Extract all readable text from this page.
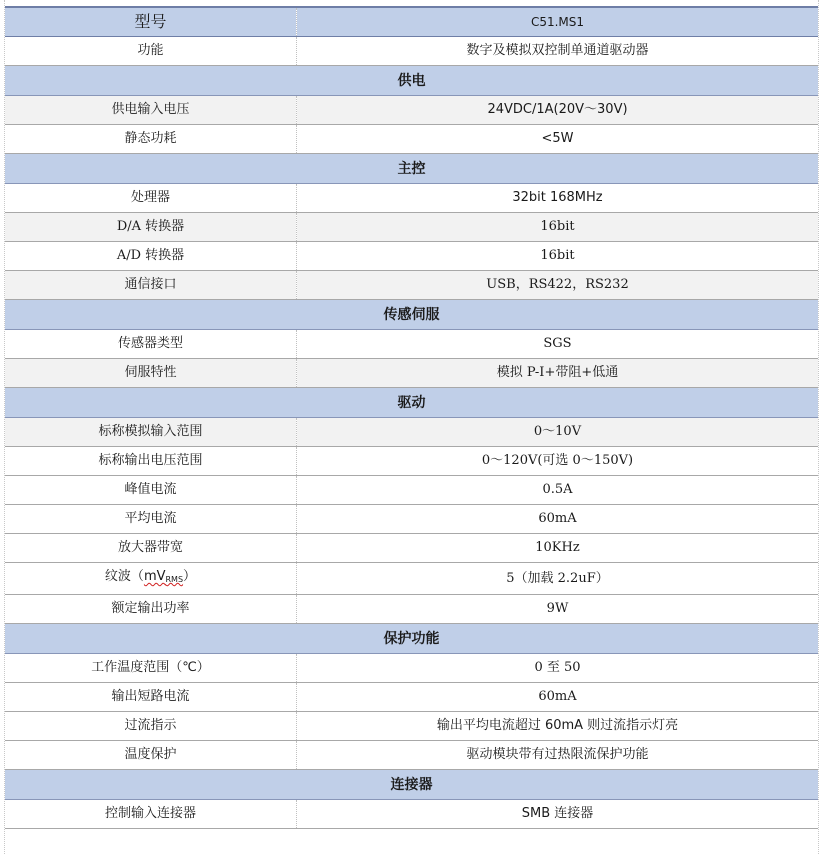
型号	C51.MS1
功能	数字及模拟双控制单通道驱动器
供电	
供电输入电压	24VDC/1A(20V～30V)
静态功耗	<5W
主控	
处理器	32bit 168MHz
D/A 转换器	16bit
A/D 转换器	16bit
通信接口	USB，RS422，RS232
传感伺服	
传感器类型	SGS
伺服特性	模拟 P-I+带阻+低通
驱动	
标称模拟输入范围	0～10V
标称输出电压范围	0～120V(可选 0～150V)
峰值电流	0.5A
平均电流	60mA
放大器带宽	10KHz
纹波$(mV_{RMS})$	5（加载 2.2uF）
额定输出功率	9W
保护功能	
工作温度范围（℃）	0 至 50
输出短路电流	60mA
过流指示	输出平均电流超过 60mA 则过流指示灯亮
温度保护	驱动模块带有过热限流保护功能
连接器	
控制输入连接器	SMB 连接器
